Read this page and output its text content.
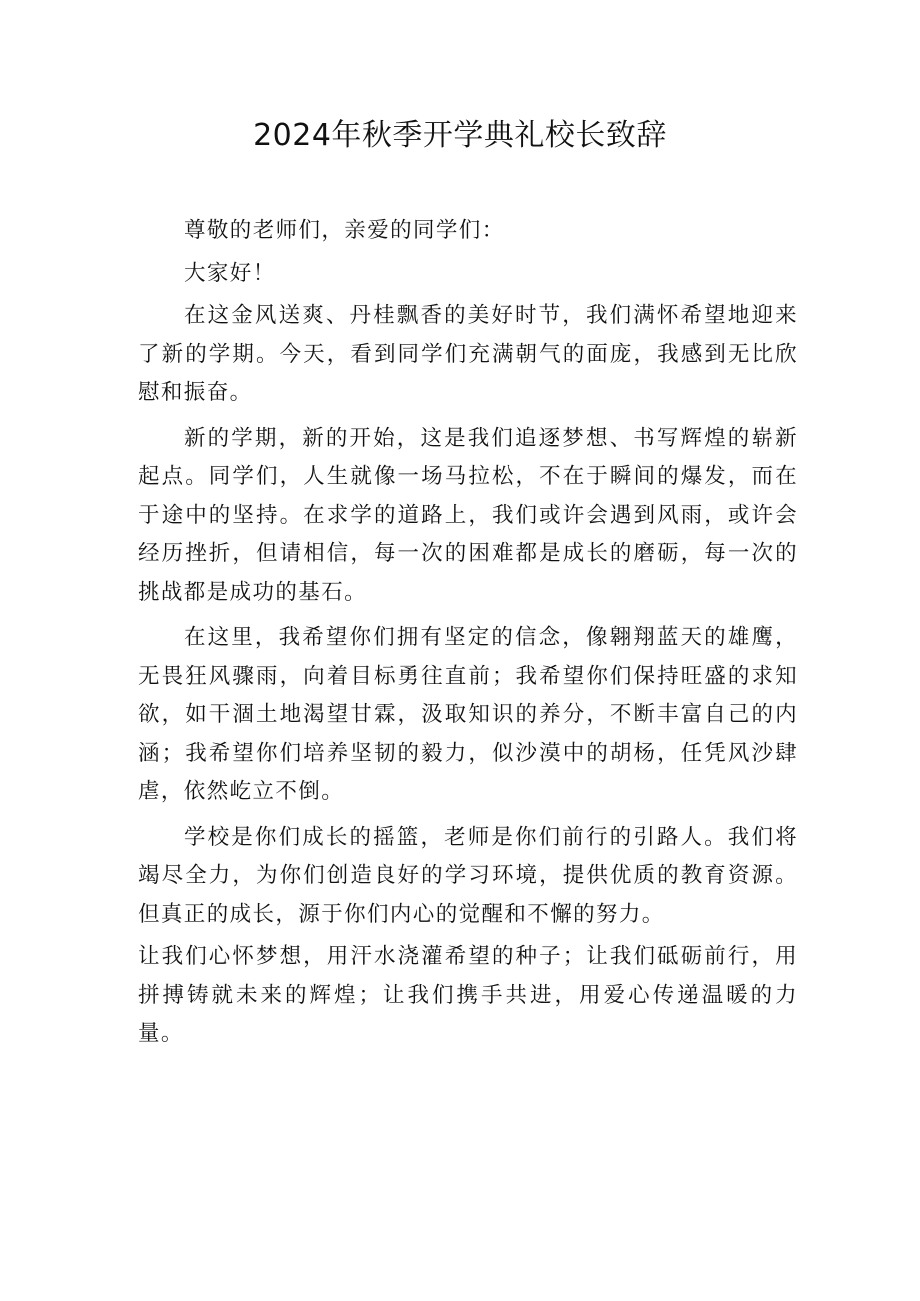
2024年秋季开学典礼校长致辞

尊敬的老师们，亲爱的同学们：

大家好！

在这金风送爽、丹桂飘香的美好时节，我们满怀希望地迎来了新的学期。今天，看到同学们充满朝气的面庞，我感到无比欣慰和振奋。

新的学期，新的开始，这是我们追逐梦想、书写辉煌的崭新起点。同学们，人生就像一场马拉松，不在于瞬间的爆发，而在于途中的坚持。在求学的道路上，我们或许会遇到风雨，或许会经历挫折，但请相信，每一次的困难都是成长的磨砺，每一次的挑战都是成功的基石。

在这里，我希望你们拥有坚定的信念，像翱翔蓝天的雄鹰，无畏狂风骤雨，向着目标勇往直前；我希望你们保持旺盛的求知欲，如干涸土地渴望甘霖，汲取知识的养分，不断丰富自己的内涵；我希望你们培养坚韧的毅力，似沙漠中的胡杨，任凭风沙肆虐，依然屹立不倒。

学校是你们成长的摇篮，老师是你们前行的引路人。我们将竭尽全力，为你们创造良好的学习环境，提供优质的教育资源。但真正的成长，源于你们内心的觉醒和不懈的努力。

让我们心怀梦想，用汗水浇灌希望的种子；让我们砥砺前行，用拼搏铸就未来的辉煌；让我们携手共进，用爱心传递温暖的力量。
